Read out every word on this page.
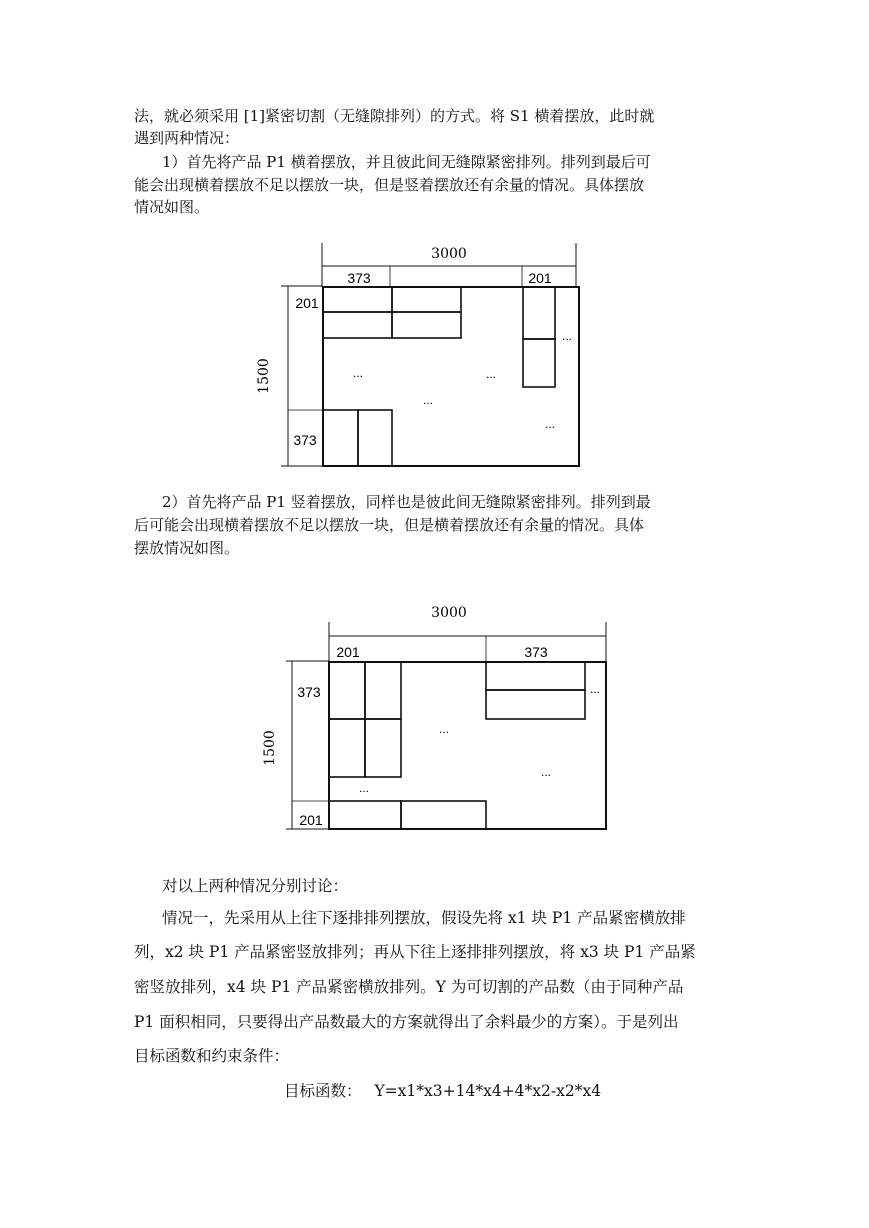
法，就必须采用 [1]紧密切割（无缝隙排列）的方式。将 S1 横着摆放，此时就
遇到两种情况：
1）首先将产品 P1 横着摆放，并且彼此间无缝隙紧密排列。排列到最后可
能会出现横着摆放不足以摆放一块，但是竖着摆放还有余量的情况。具体摆放
情况如图。
3000
373	201
201
373
1500
...
...	...
...
...
2）首先将产品 P1 竖着摆放，同样也是彼此间无缝隙紧密排列。排列到最
后可能会出现横着摆放不足以摆放一块，但是横着摆放还有余量的情况。具体
摆放情况如图。
3000
201	373
373
201
1500
...
...
...
...
对以上两种情况分别讨论：
情况一，先采用从上往下逐排排列摆放，假设先将 x1 块 P1 产品紧密横放排
列，x2 块 P1 产品紧密竖放排列；再从下往上逐排排列摆放，将 x3 块 P1 产品紧
密竖放排列，x4 块 P1 产品紧密横放排列。Y 为可切割的产品数（由于同种产品
P1 面积相同，只要得出产品数最大的方案就得出了余料最少的方案）。于是列出
目标函数和约束条件：
目标函数： Y=x1*x3+14*x4+4*x2-x2*x4
